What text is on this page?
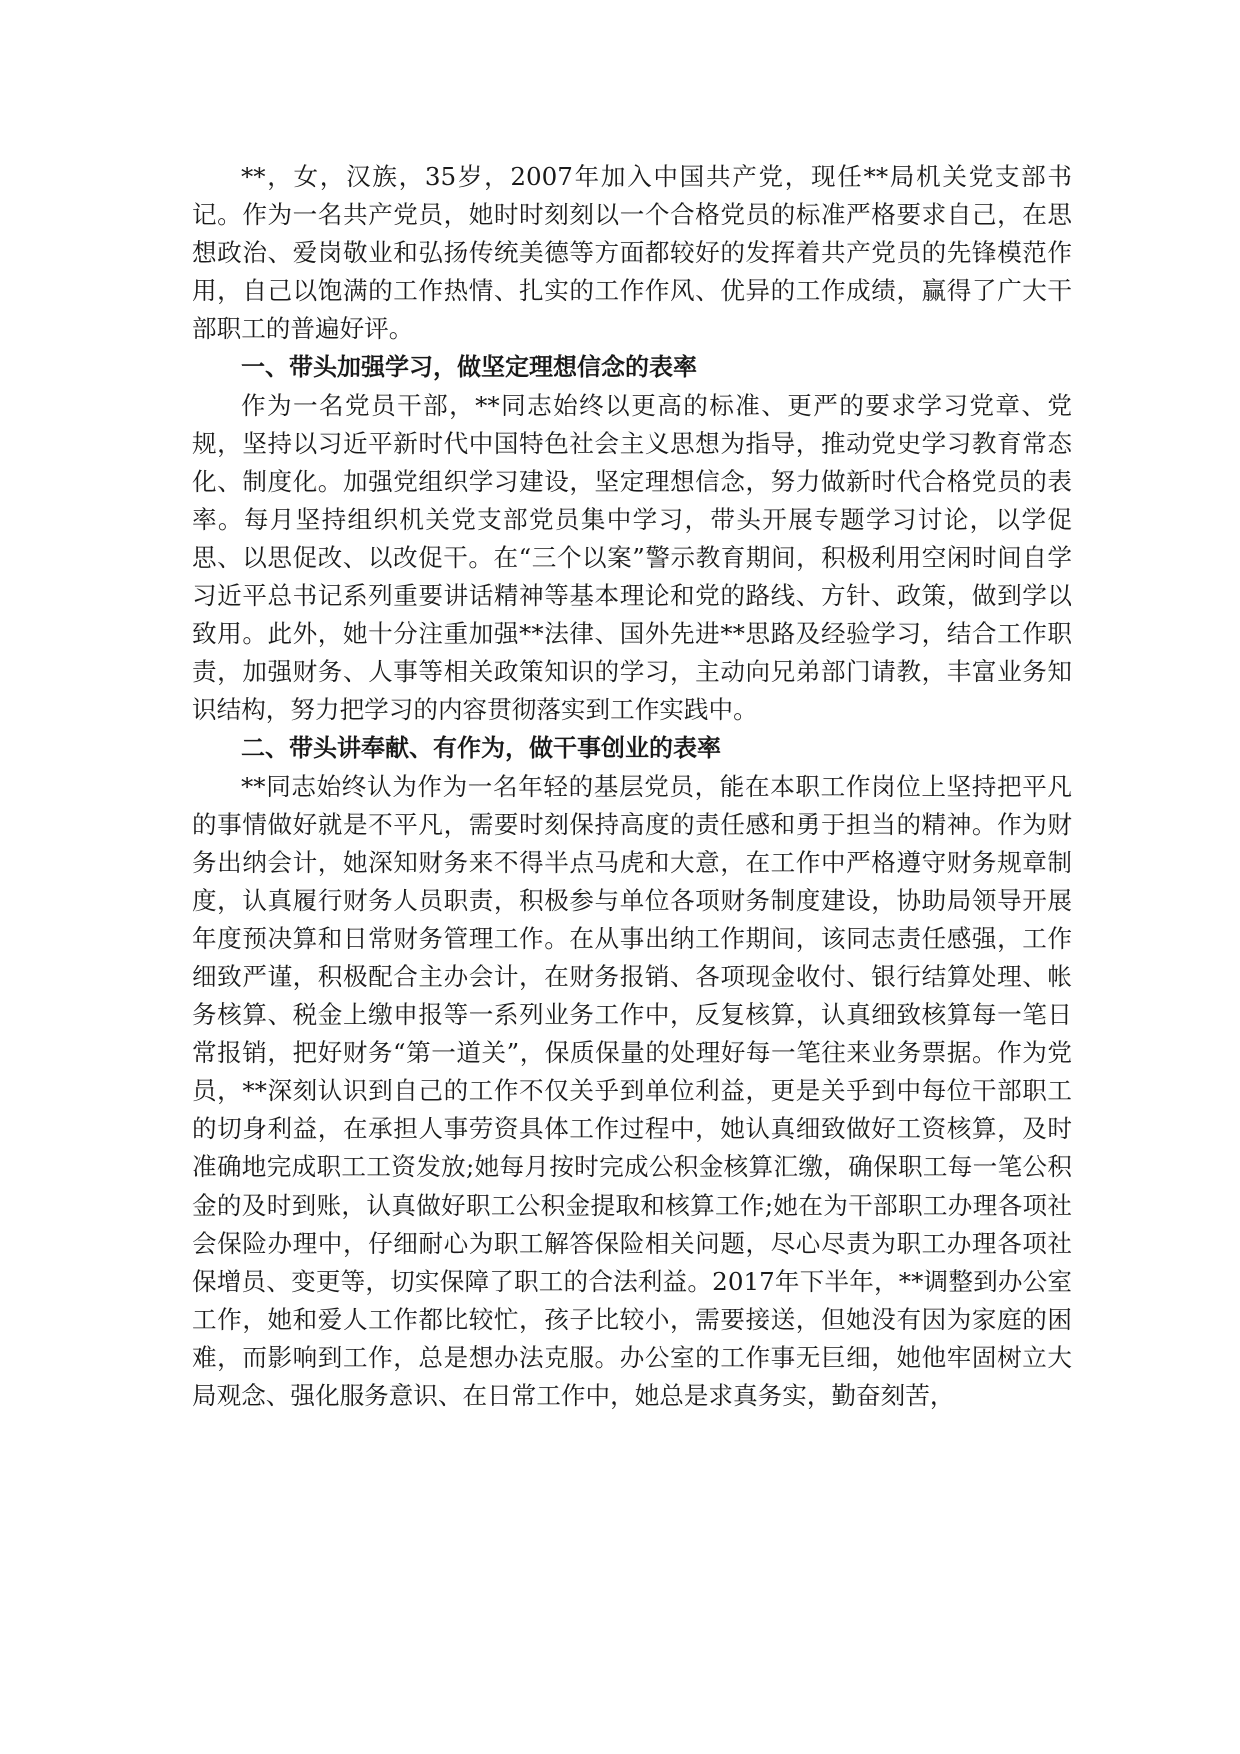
**，女，汉族，35岁，2007年加入中国共产党，现任**局机关党支部书记。作为一名共产党员，她时时刻刻以一个合格党员的标准严格要求自己，在思想政治、爱岗敬业和弘扬传统美德等方面都较好的发挥着共产党员的先锋模范作用，自己以饱满的工作热情、扎实的工作作风、优异的工作成绩，赢得了广大干部职工的普遍好评。

一、带头加强学习，做坚定理想信念的表率

作为一名党员干部，**同志始终以更高的标准、更严的要求学习党章、党规，坚持以习近平新时代中国特色社会主义思想为指导，推动党史学习教育常态化、制度化。加强党组织学习建设，坚定理想信念，努力做新时代合格党员的表率。每月坚持组织机关党支部党员集中学习，带头开展专题学习讨论，以学促思、以思促改、以改促干。在“三个以案”警示教育期间，积极利用空闲时间自学习近平总书记系列重要讲话精神等基本理论和党的路线、方针、政策，做到学以致用。此外，她十分注重加强**法律、国外先进**思路及经验学习，结合工作职责，加强财务、人事等相关政策知识的学习，主动向兄弟部门请教，丰富业务知识结构，努力把学习的内容贯彻落实到工作实践中。

二、带头讲奉献、有作为，做干事创业的表率

**同志始终认为作为一名年轻的基层党员，能在本职工作岗位上坚持把平凡的事情做好就是不平凡，需要时刻保持高度的责任感和勇于担当的精神。作为财务出纳会计，她深知财务来不得半点马虎和大意，在工作中严格遵守财务规章制度，认真履行财务人员职责，积极参与单位各项财务制度建设，协助局领导开展年度预决算和日常财务管理工作。在从事出纳工作期间，该同志责任感强，工作细致严谨，积极配合主办会计，在财务报销、各项现金收付、银行结算处理、帐务核算、税金上缴申报等一系列业务工作中，反复核算，认真细致核算每一笔日常报销，把好财务“第一道关”，保质保量的处理好每一笔往来业务票据。作为党员，**深刻认识到自己的工作不仅关乎到单位利益，更是关乎到中每位干部职工的切身利益，在承担人事劳资具体工作过程中，她认真细致做好工资核算，及时准确地完成职工工资发放;她每月按时完成公积金核算汇缴，确保职工每一笔公积金的及时到账，认真做好职工公积金提取和核算工作;她在为干部职工办理各项社会保险办理中，仔细耐心为职工解答保险相关问题，尽心尽责为职工办理各项社保增员、变更等，切实保障了职工的合法利益。2017年下半年，**调整到办公室工作，她和爱人工作都比较忙，孩子比较小，需要接送，但她没有因为家庭的困难，而影响到工作，总是想办法克服。办公室的工作事无巨细，她他牢固树立大局观念、强化服务意识、在日常工作中，她总是求真务实，勤奋刻苦，
